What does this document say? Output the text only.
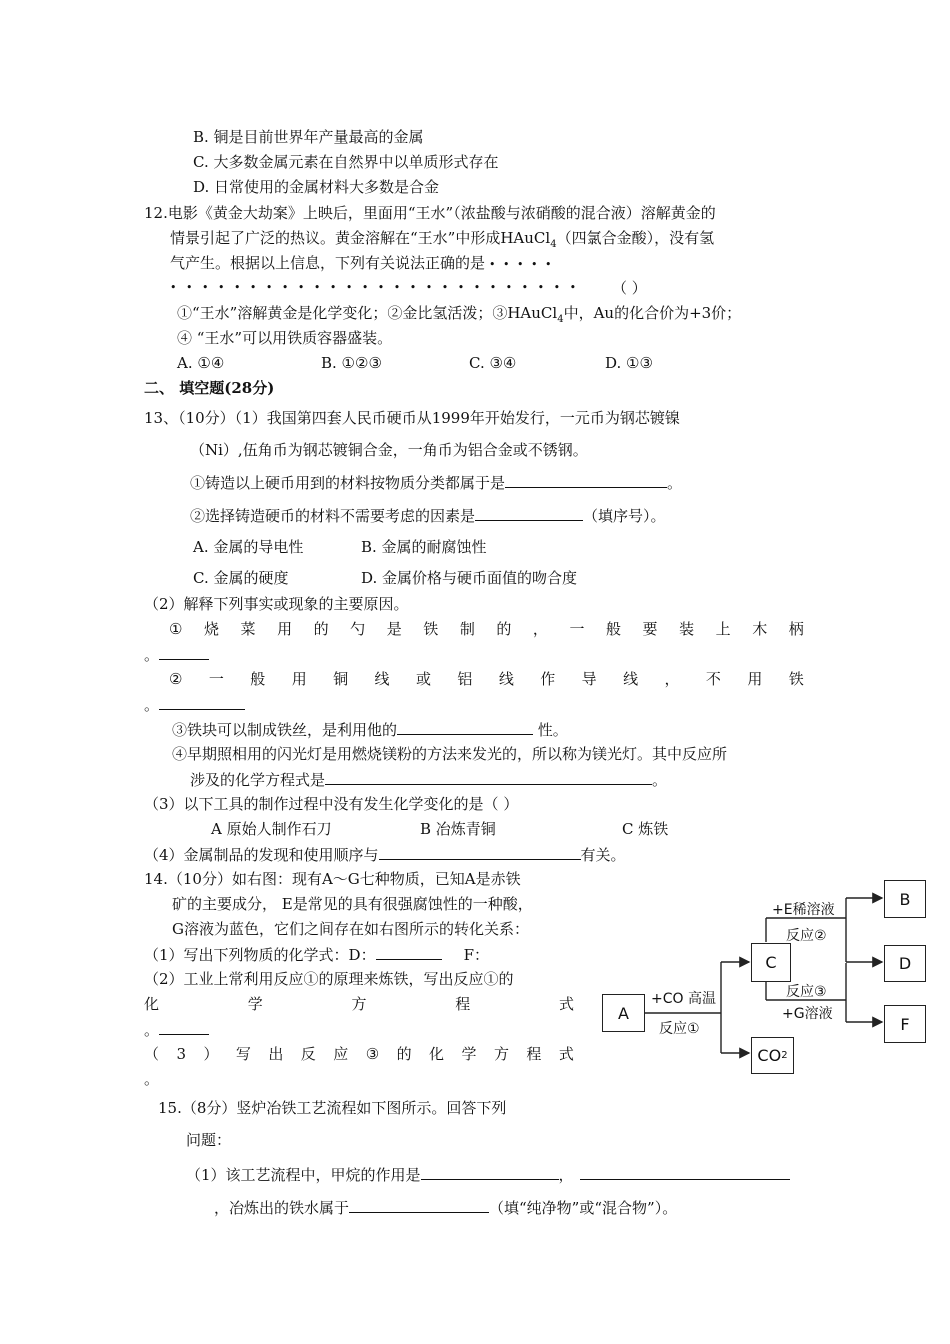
B. 铜是目前世界年产量最高的金属
C. 大多数金属元素在自然界中以单质形式存在
D. 日常使用的金属材料大多数是合金
12.电影《黄金大劫案》上映后，里面用“王水”（浓盐酸与浓硝酸的混合液）溶解黄金的
情景引起了广泛的热议。黄金溶解在“王水”中形成HAuCl$_4$（四氯合金酸），没有氢
气产生。根据以上信息，下列有关说法正确的是 • • • • •
• • • • • • • • • • • • • • • • • • • • • • • • • • （ ）
①“王水”溶解黄金是化学变化；②金比氢活泼；③HAuCl$_4$中，Au的化合价为+3价；
④ “王水”可以用铁质容器盛装。
A. ①④	B. ①②③	C. ③④	D. ①③
二、 填空题(28分)
13、（10分）（1）我国第四套人民币硬币从1999年开始发行，一元币为钢芯镀镍
（Ni）,伍角币为钢芯镀铜合金，一角币为铝合金或不锈钢。
①铸造以上硬币用到的材料按物质分类都属于是	。
②选择铸造硬币的材料不需要考虑的因素是	（填序号）。
A. 金属的导电性	B. 金属的耐腐蚀性
C. 金属的硬度	D. 金属价格与硬币面值的吻合度
（2）解释下列事实或现象的主要原因。
① 烧 菜 用 的 勺 是 铁 制 的 ， 一 般 要 装 上 木 柄
。
② 一 般 用 铜 线 或 铝 线 作 导 线 ， 不 用 铁
。
③铁块可以制成铁丝，是利用他的	性。
④早期照相用的闪光灯是用燃烧镁粉的方法来发光的，所以称为镁光灯。其中反应所
涉及的化学方程式是	。
（3）以下工具的制作过程中没有发生化学变化的是（ ）
A 原始人制作石刀	B 冶炼青铜	C 炼铁
（4）金属制品的发现和使用顺序与	有关。
14.（10分）如右图：现有A～G七种物质，已知A是赤铁
矿的主要成分， E是常见的具有很强腐蚀性的一种酸，
G溶液为蓝色，它们之间存在如右图所示的转化关系：
（1）写出下列物质的化学式：D：	F：
（2）工业上常利用反应①的原理来炼铁，写出反应①的
化	学	方	程	式
。
（ 3 ） 写 出 反 应 ③ 的 化 学 方 程 式
。
A
C
CO 2
B
D
F
+CO 高温
反应①
+E稀溶液
反应②
反应③
+G溶液
15.（8分）竖炉冶铁工艺流程如下图所示。回答下列
问题：
（1）该工艺流程中，甲烷的作用是	，
，冶炼出的铁水属于	（填“纯净物”或“混合物”）。
